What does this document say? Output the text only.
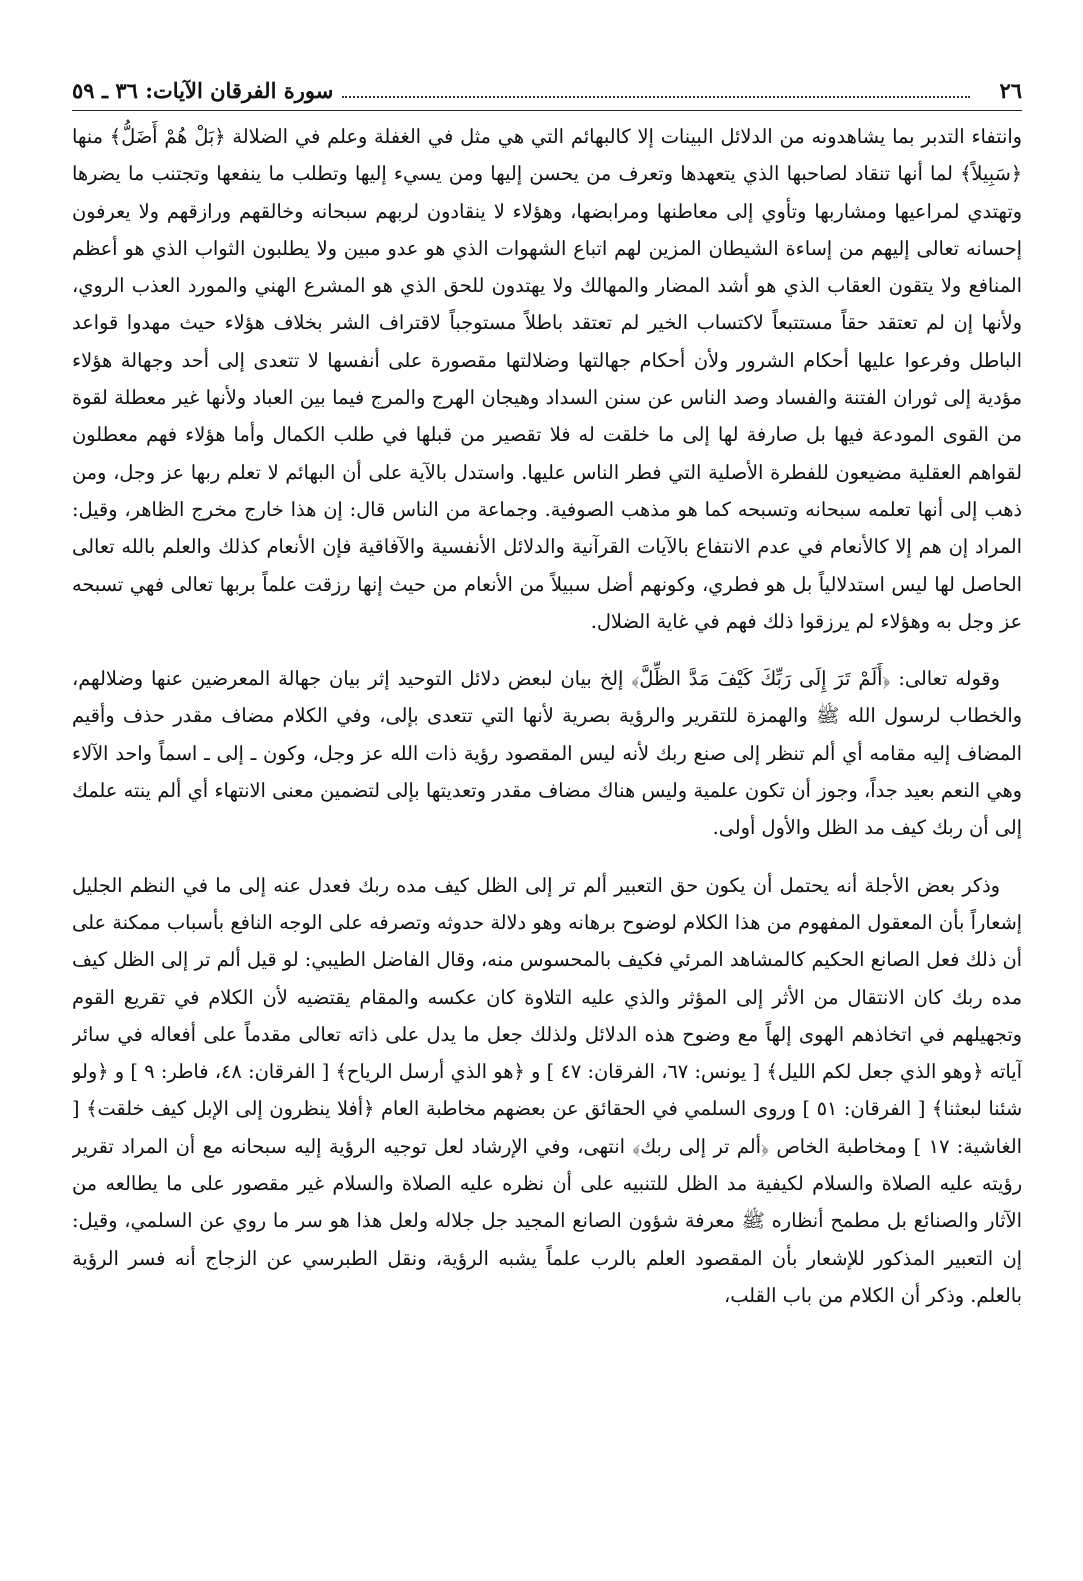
٢٦
سورة الفرقان الآيات: ٣٦ ـ ٥٩

وانتفاء التدبر بما يشاهدونه من الدلائل البينات إلا كالبهائم التي هي مثل في الغفلة وعلم في الضلالة ﴿بَلْ هُمْ أَضَلُّ﴾ منها ﴿سَبِيلاً﴾ لما أنها تنقاد لصاحبها الذي يتعهدها وتعرف من يحسن إليها ومن يسيء إليها وتطلب ما ينفعها وتجتنب ما يضرها وتهتدي لمراعيها ومشاربها وتأوي إلى معاطنها ومرابضها، وهؤلاء لا ينقادون لربهم سبحانه وخالقهم ورازقهم ولا يعرفون إحسانه تعالى إليهم من إساءة الشيطان المزين لهم اتباع الشهوات الذي هو عدو مبين ولا يطلبون الثواب الذي هو أعظم المنافع ولا يتقون العقاب الذي هو أشد المضار والمهالك ولا يهتدون للحق الذي هو المشرع الهني والمورد العذب الروي، ولأنها إن لم تعتقد حقاً مستتبعاً لاكتساب الخير لم تعتقد باطلاً مستوجباً لاقتراف الشر بخلاف هؤلاء حيث مهدوا قواعد الباطل وفرعوا عليها أحكام الشرور ولأن أحكام جهالتها وضلالتها مقصورة على أنفسها لا تتعدى إلى أحد وجهالة هؤلاء مؤدية إلى ثوران الفتنة والفساد وصد الناس عن سنن السداد وهيجان الهرج والمرج فيما بين العباد ولأنها غير معطلة لقوة من القوى المودعة فيها بل صارفة لها إلى ما خلقت له فلا تقصير من قبلها في طلب الكمال وأما هؤلاء فهم معطلون لقواهم العقلية مضيعون للفطرة الأصلية التي فطر الناس عليها. واستدل بالآية على أن البهائم لا تعلم ربها عز وجل، ومن ذهب إلى أنها تعلمه سبحانه وتسبحه كما هو مذهب الصوفية. وجماعة من الناس قال: إن هذا خارج مخرج الظاهر، وقيل: المراد إن هم إلا كالأنعام في عدم الانتفاع بالآيات القرآنية والدلائل الأنفسية والآفاقية فإن الأنعام كذلك والعلم بالله تعالى الحاصل لها ليس استدلالياً بل هو فطري، وكونهم أضل سبيلاً من الأنعام من حيث إنها رزقت علماً بربها تعالى فهي تسبحه عز وجل به وهؤلاء لم يرزقوا ذلك فهم في غاية الضلال.

وقوله تعالى: ﴿أَلَمْ تَرَ إِلَى رَبِّكَ كَيْفَ مَدَّ الظِّلَّ﴾ إلخ بيان لبعض دلائل التوحيد إثر بيان جهالة المعرضين عنها وضلالهم، والخطاب لرسول الله ﷺ والهمزة للتقرير والرؤية بصرية لأنها التي تتعدى بإلى، وفي الكلام مضاف مقدر حذف وأقيم المضاف إليه مقامه أي ألم تنظر إلى صنع ربك لأنه ليس المقصود رؤية ذات الله عز وجل، وكون ـ إلى ـ اسماً واحد الآلاء وهي النعم بعيد جداً، وجوز أن تكون علمية وليس هناك مضاف مقدر وتعديتها بإلى لتضمين معنى الانتهاء أي ألم ينته علمك إلى أن ربك كيف مد الظل والأول أولى.

وذكر بعض الأجلة أنه يحتمل أن يكون حق التعبير ألم تر إلى الظل كيف مده ربك فعدل عنه إلى ما في النظم الجليل إشعاراً بأن المعقول المفهوم من هذا الكلام لوضوح برهانه وهو دلالة حدوثه وتصرفه على الوجه النافع بأسباب ممكنة على أن ذلك فعل الصانع الحكيم كالمشاهد المرئي فكيف بالمحسوس منه، وقال الفاضل الطيبي: لو قيل ألم تر إلى الظل كيف مده ربك كان الانتقال من الأثر إلى المؤثر والذي عليه التلاوة كان عكسه والمقام يقتضيه لأن الكلام في تقريع القوم وتجهيلهم في اتخاذهم الهوى إلهاً مع وضوح هذه الدلائل ولذلك جعل ما يدل على ذاته تعالى مقدماً على أفعاله في سائر آياته ﴿وهو الذي جعل لكم الليل﴾ [ يونس: ٦٧، الفرقان: ٤٧ ] و ﴿هو الذي أرسل الرياح﴾ [ الفرقان: ٤٨، فاطر: ٩ ] و ﴿ولو شئنا لبعثنا﴾ [ الفرقان: ٥١ ] وروى السلمي في الحقائق عن بعضهم مخاطبة العام ﴿أفلا ينظرون إلى الإبل كيف خلقت﴾ [ الغاشية: ١٧ ] ومخاطبة الخاص ﴿ألم تر إلى ربك﴾ انتهى، وفي الإرشاد لعل توجيه الرؤية إليه سبحانه مع أن المراد تقرير رؤيته عليه الصلاة والسلام لكيفية مد الظل للتنبيه على أن نظره عليه الصلاة والسلام غير مقصور على ما يطالعه من الآثار والصنائع بل مطمح أنظاره ﷺ معرفة شؤون الصانع المجيد جل جلاله ولعل هذا هو سر ما روي عن السلمي، وقيل: إن التعبير المذكور للإشعار بأن المقصود العلم بالرب علماً يشبه الرؤية، ونقل الطبرسي عن الزجاج أنه فسر الرؤية بالعلم. وذكر أن الكلام من باب القلب،
